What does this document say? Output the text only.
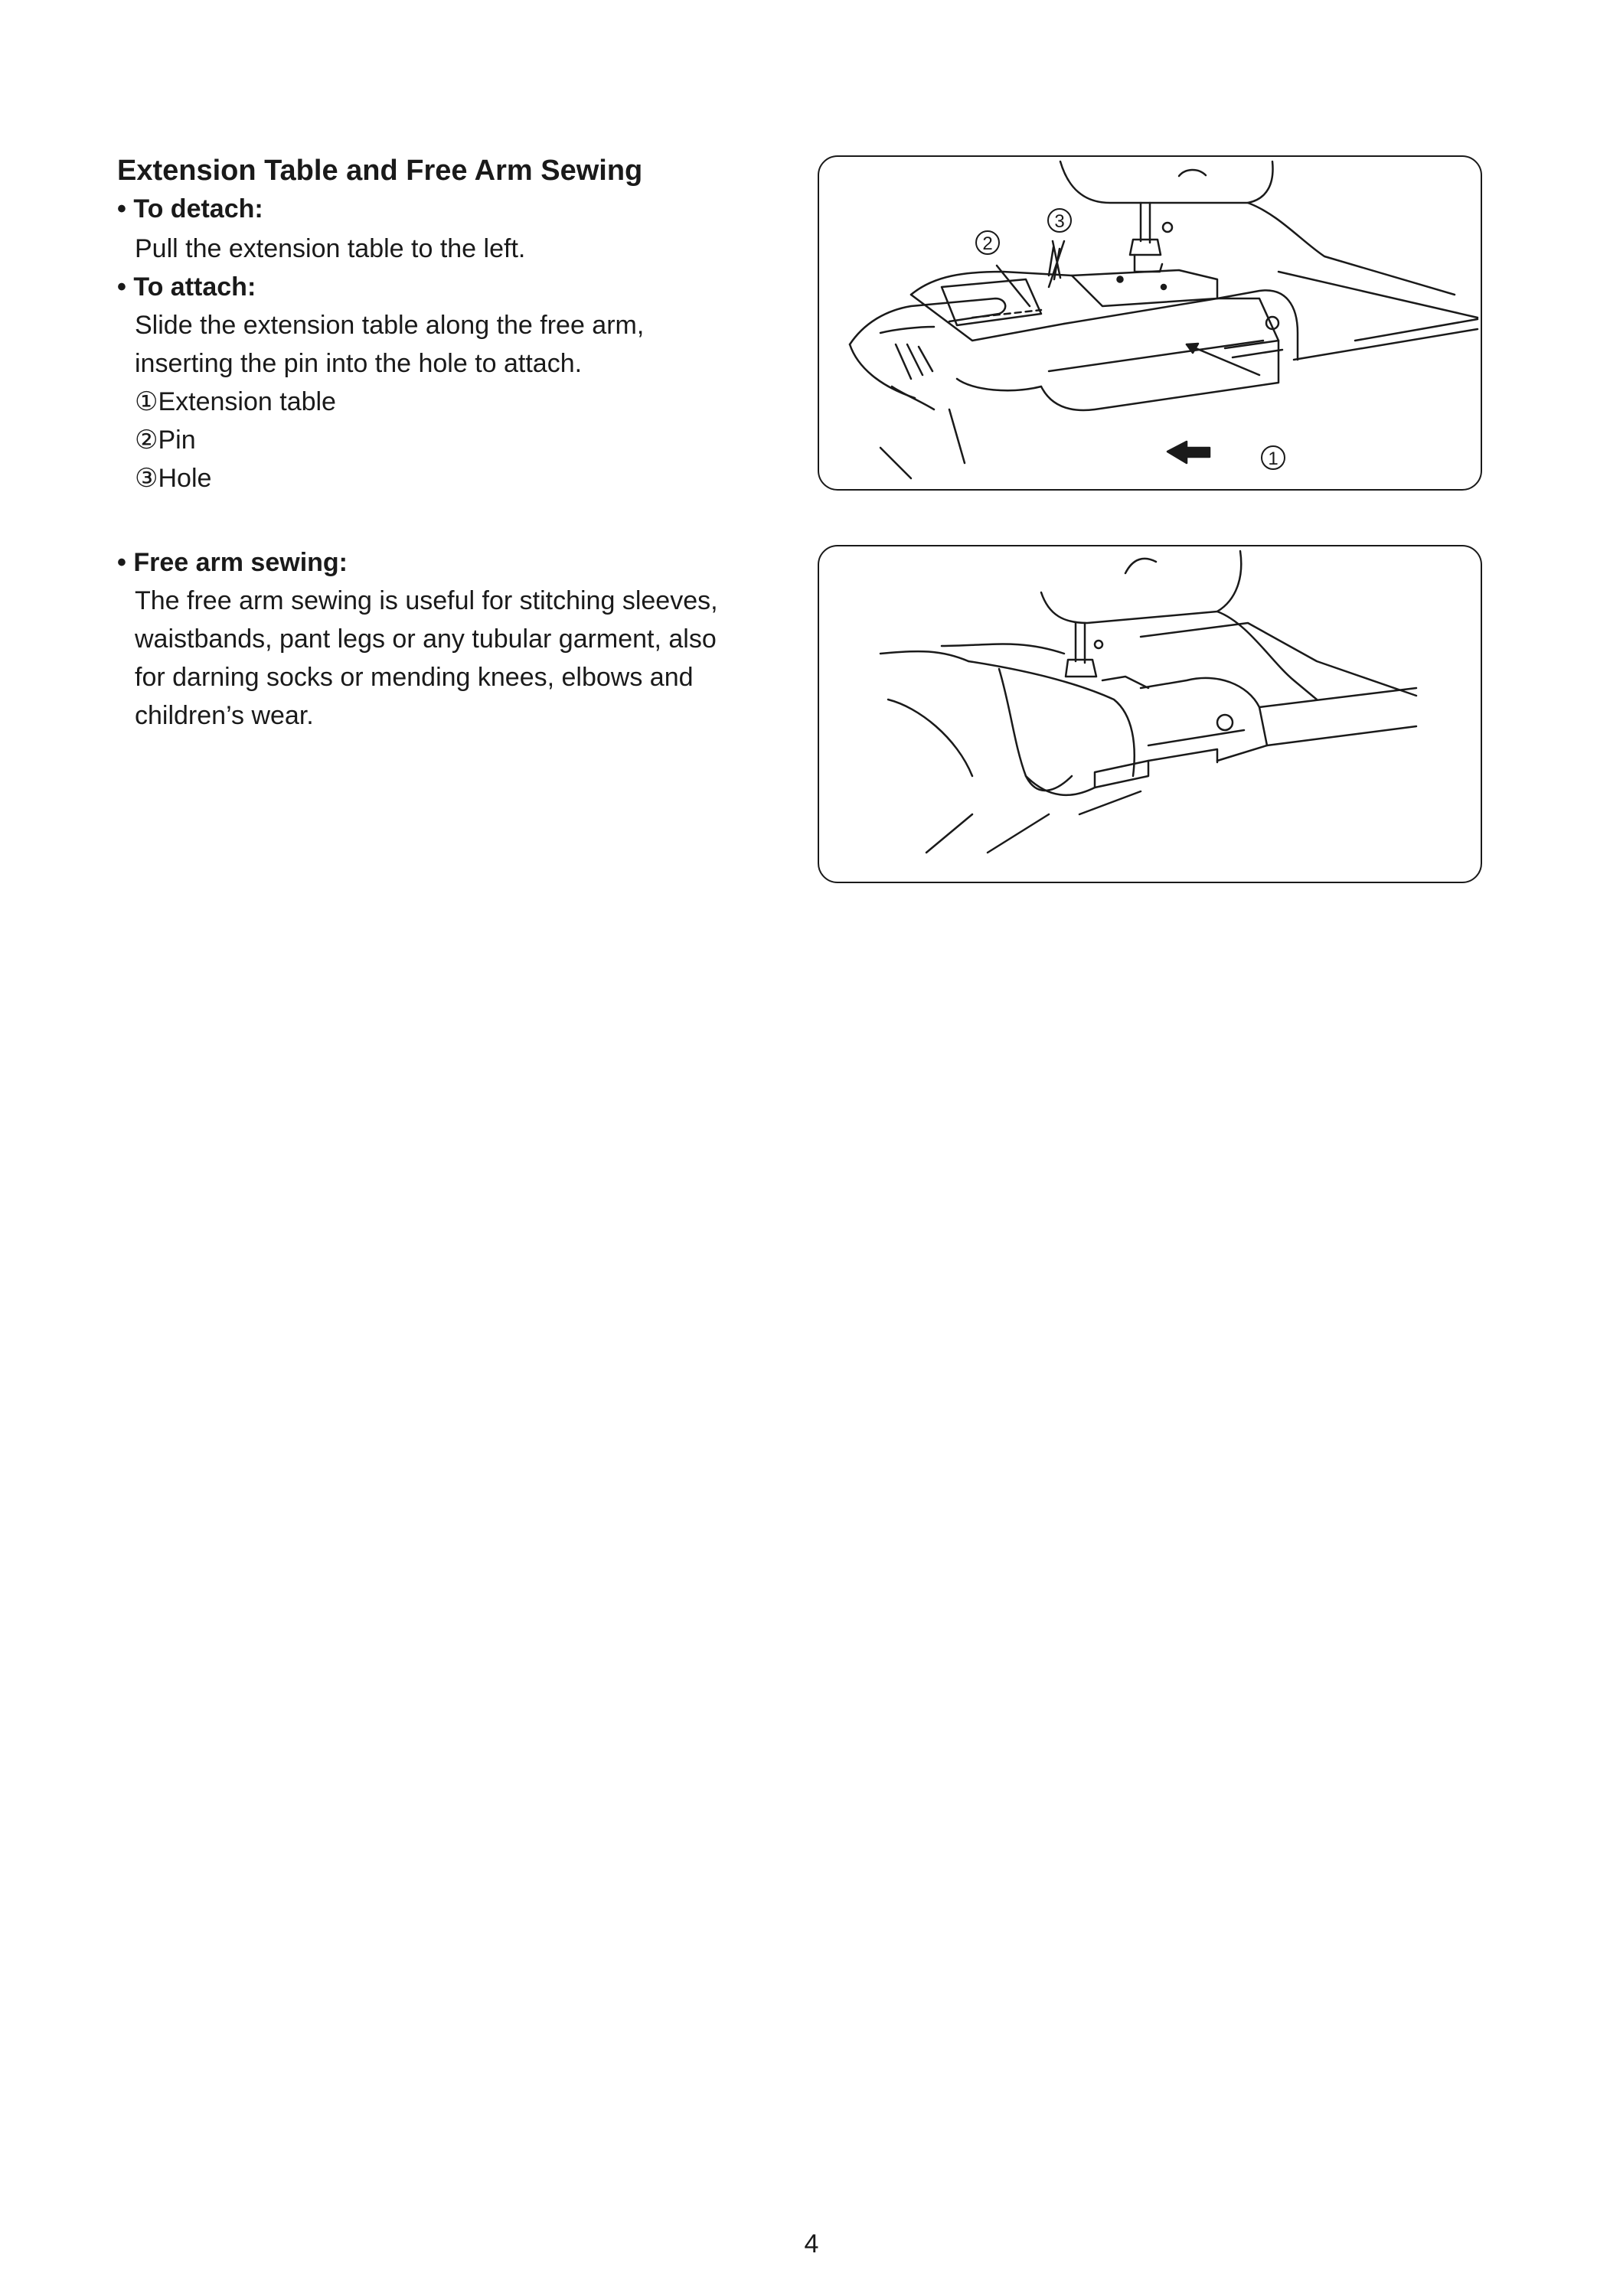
Extension Table and Free Arm Sewing
• To detach:
Pull the extension table to the left.
• To attach:
Slide the extension table along the free arm,
inserting the pin into the hole to attach.
①Extension table
②Pin
③Hole
• Free arm sewing:
The free arm sewing is useful for stitching sleeves,
waistbands, pant legs or any tubular garment, also
for darning socks or mending knees, elbows and
children’s wear.
2
3
1
4
